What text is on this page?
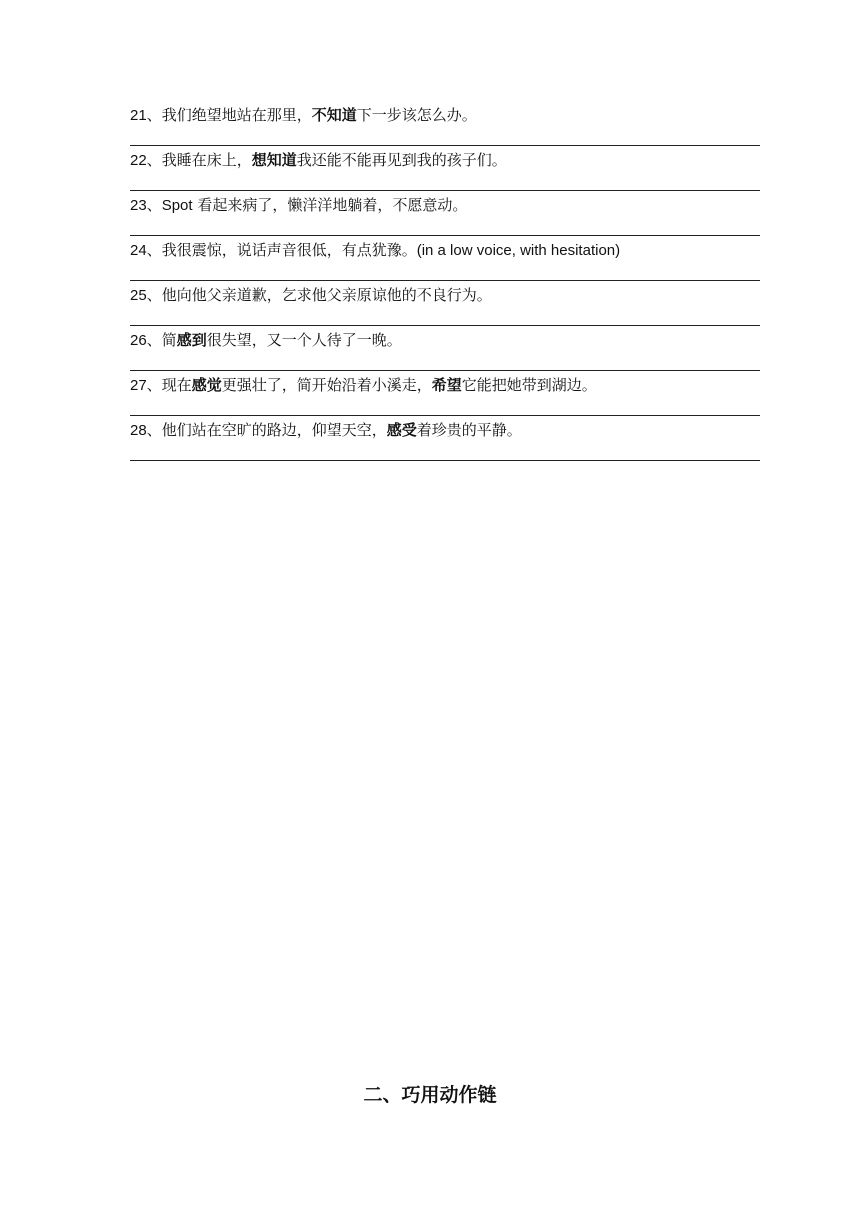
21、我们绝望地站在那里，不知道下一步该怎么办。
22、我睡在床上，想知道我还能不能再见到我的孩子们。
23、Spot 看起来病了，懒洋洋地躺着，不愿意动。
24、我很震惊，说话声音很低，有点犹豫。(in a low voice, with hesitation)
25、他向他父亲道歉，乞求他父亲原谅他的不良行为。
26、简感到很失望，又一个人待了一晚。
27、现在感觉更强壮了，简开始沿着小溪走，希望它能把她带到湖边。
28、他们站在空旷的路边，仰望天空，感受着珍贵的平静。
二、巧用动作链
